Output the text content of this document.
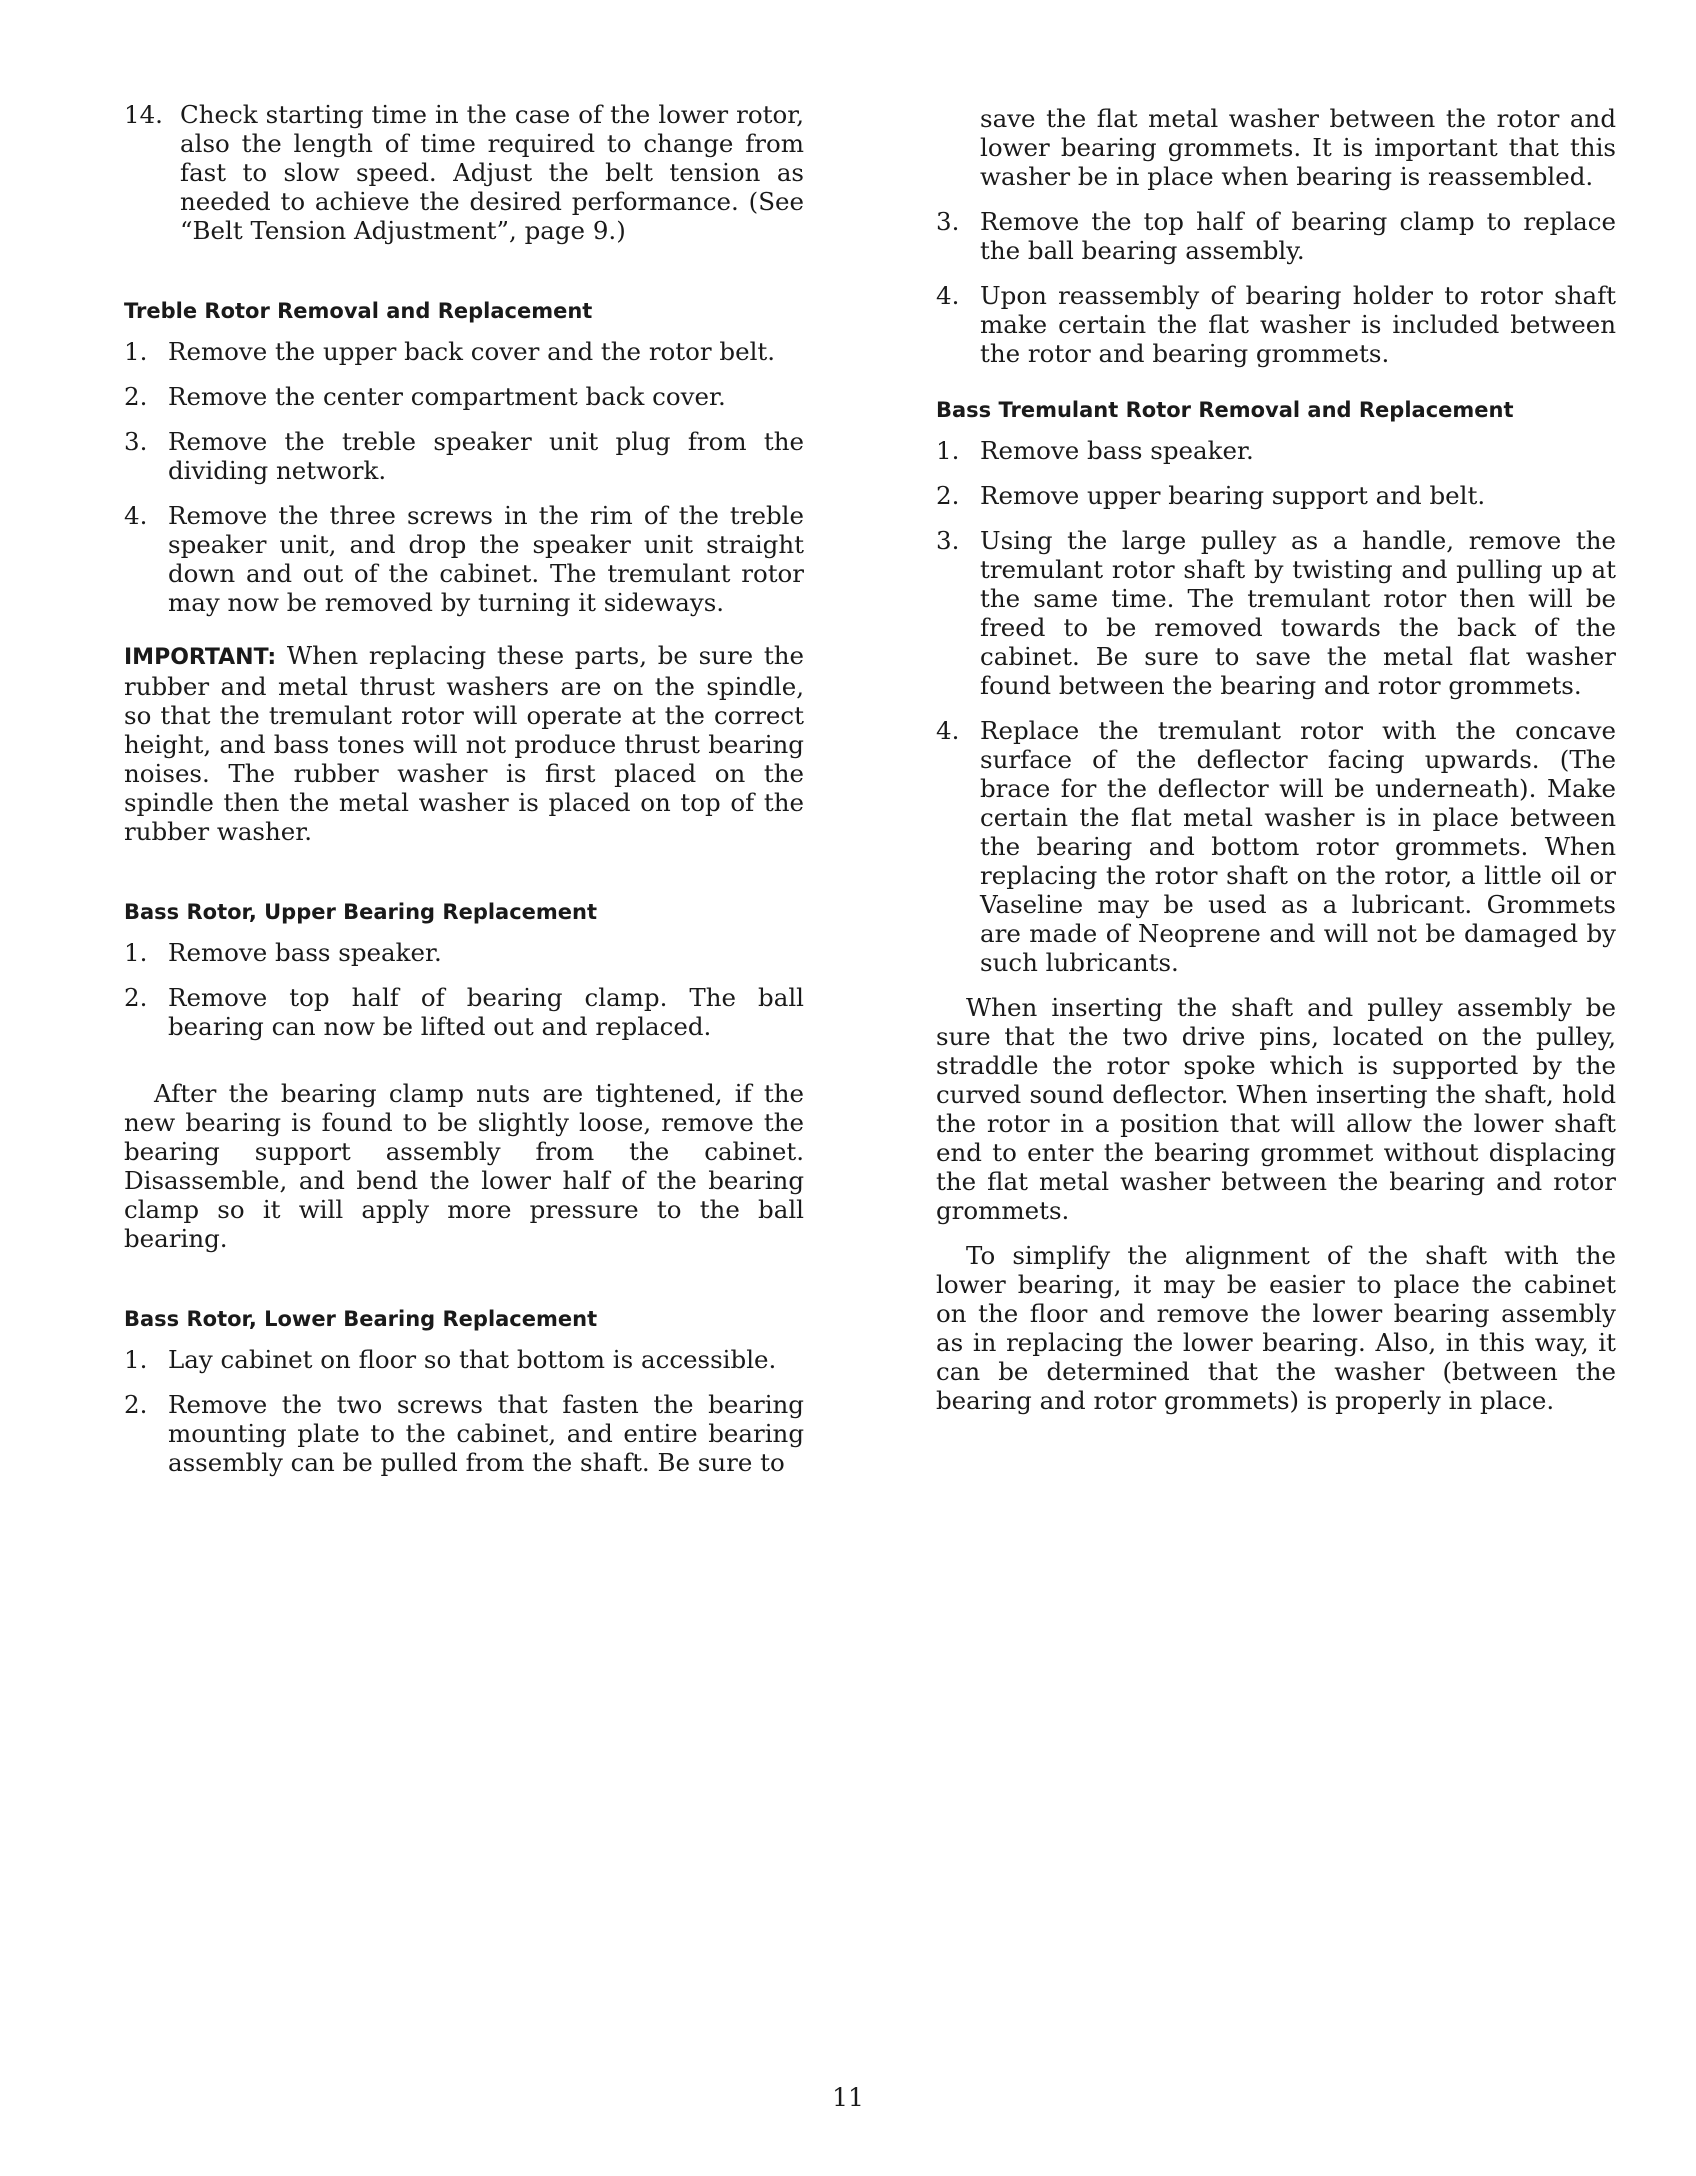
14. Check starting time in the case of the lower rotor, also the length of time required to change from fast to slow speed. Adjust the belt tension as needed to achieve the desired performance. (See “Belt Tension Adjustment”, page 9.)
Treble Rotor Removal and Replacement
1. Remove the upper back cover and the rotor belt.
2. Remove the center compartment back cover.
3. Remove the treble speaker unit plug from the dividing network.
4. Remove the three screws in the rim of the treble speaker unit, and drop the speaker unit straight down and out of the cabinet. The tremulant rotor may now be removed by turning it sideways.

IMPORTANT: When replacing these parts, be sure the rubber and metal thrust washers are on the spindle, so that the tremulant rotor will operate at the correct height, and bass tones will not produce thrust bearing noises. The rubber washer is first placed on the spindle then the metal washer is placed on top of the rubber washer.

Bass Rotor, Upper Bearing Replacement
1. Remove bass speaker.
2. Remove top half of bearing clamp. The ball bearing can now be lifted out and replaced.

After the bearing clamp nuts are tightened, if the new bearing is found to be slightly loose, remove the bearing support assembly from the cabinet. Disassemble, and bend the lower half of the bearing clamp so it will apply more pressure to the ball bearing.

Bass Rotor, Lower Bearing Replacement
1. Lay cabinet on floor so that bottom is accessible.
2. Remove the two screws that fasten the bearing mounting plate to the cabinet, and entire bearing assembly can be pulled from the shaft. Be sure to

save the flat metal washer between the rotor and lower bearing grommets. It is important that this washer be in place when bearing is reassembled.

3. Remove the top half of bearing clamp to replace the ball bearing assembly.
4. Upon reassembly of bearing holder to rotor shaft make certain the flat washer is included between the rotor and bearing grommets.
Bass Tremulant Rotor Removal and Replacement
1. Remove bass speaker.
2. Remove upper bearing support and belt.
3. Using the large pulley as a handle, remove the tremulant rotor shaft by twisting and pulling up at the same time. The tremulant rotor then will be freed to be removed towards the back of the cabinet. Be sure to save the metal flat washer found between the bearing and rotor grommets.
4. Replace the tremulant rotor with the concave surface of the deflector facing upwards. (The brace for the deflector will be underneath). Make certain the flat metal washer is in place between the bearing and bottom rotor grommets. When replacing the rotor shaft on the rotor, a little oil or Vaseline may be used as a lubricant. Grommets are made of Neoprene and will not be damaged by such lubricants.

When inserting the shaft and pulley assembly be sure that the two drive pins, located on the pulley, straddle the rotor spoke which is supported by the curved sound deflector. When inserting the shaft, hold the rotor in a position that will allow the lower shaft end to enter the bearing grommet without displacing the flat metal washer between the bearing and rotor grommets.

To simplify the alignment of the shaft with the lower bearing, it may be easier to place the cabinet on the floor and remove the lower bearing assembly as in replacing the lower bearing. Also, in this way, it can be determined that the washer (between the bearing and rotor grommets) is properly in place.

11
